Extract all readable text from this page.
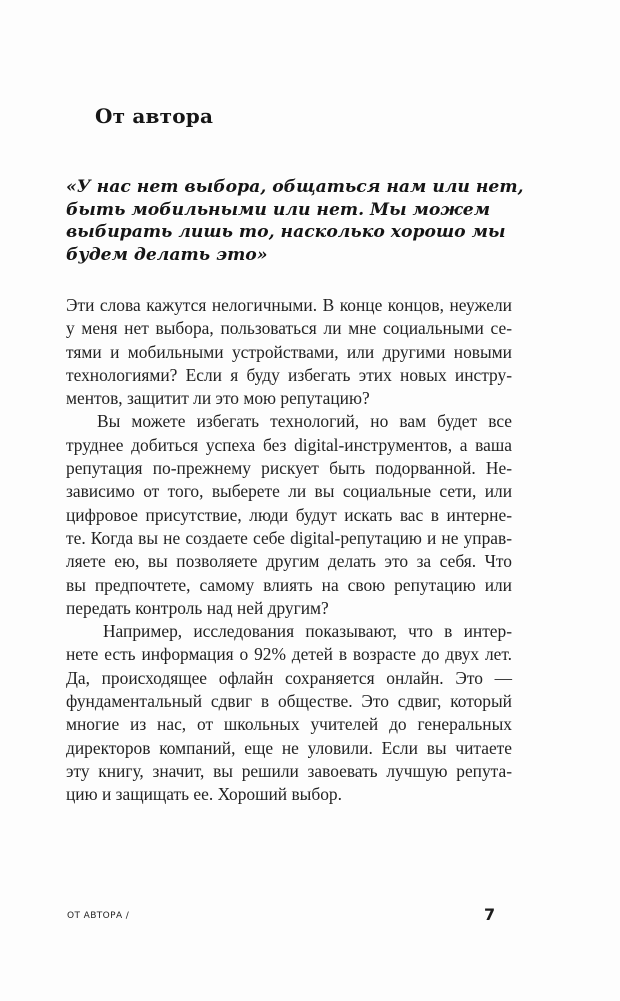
От автора
«У нас нет выбора, общаться нам или нет,
быть мобильными или нет. Мы можем
выбирать лишь то, насколько хорошо мы
будем делать это»
Эти слова кажутся нелогичными. В конце концов, неужели
у меня нет выбора, пользоваться ли мне социальными се-
тями и мобильными устройствами, или другими новыми
технологиями? Если я буду избегать этих новых инстру-
ментов, защитит ли это мою репутацию?
Вы можете избегать технологий, но вам будет все
труднее добиться успеха без digital-инструментов, а ваша
репутация по-прежнему рискует быть подорванной. Не-
зависимо от того, выберете ли вы социальные сети, или
цифровое присутствие, люди будут искать вас в интерне-
те. Когда вы не создаете себе digital-репутацию и не управ-
ляете ею, вы позволяете другим делать это за себя. Что
вы предпочтете, самому влиять на свою репутацию или
передать контроль над ней другим?
Например, исследования показывают, что в интер-
нете есть информация о 92% детей в возрасте до двух лет.
Да, происходящее офлайн сохраняется онлайн. Это —
фундаментальный сдвиг в обществе. Это сдвиг, который
многие из нас, от школьных учителей до генеральных
директоров компаний, еще не уловили. Если вы читаете
эту книгу, значит, вы решили завоевать лучшую репута-
цию и защищать ее. Хороший выбор.
ОТ АВТОРА /	7
